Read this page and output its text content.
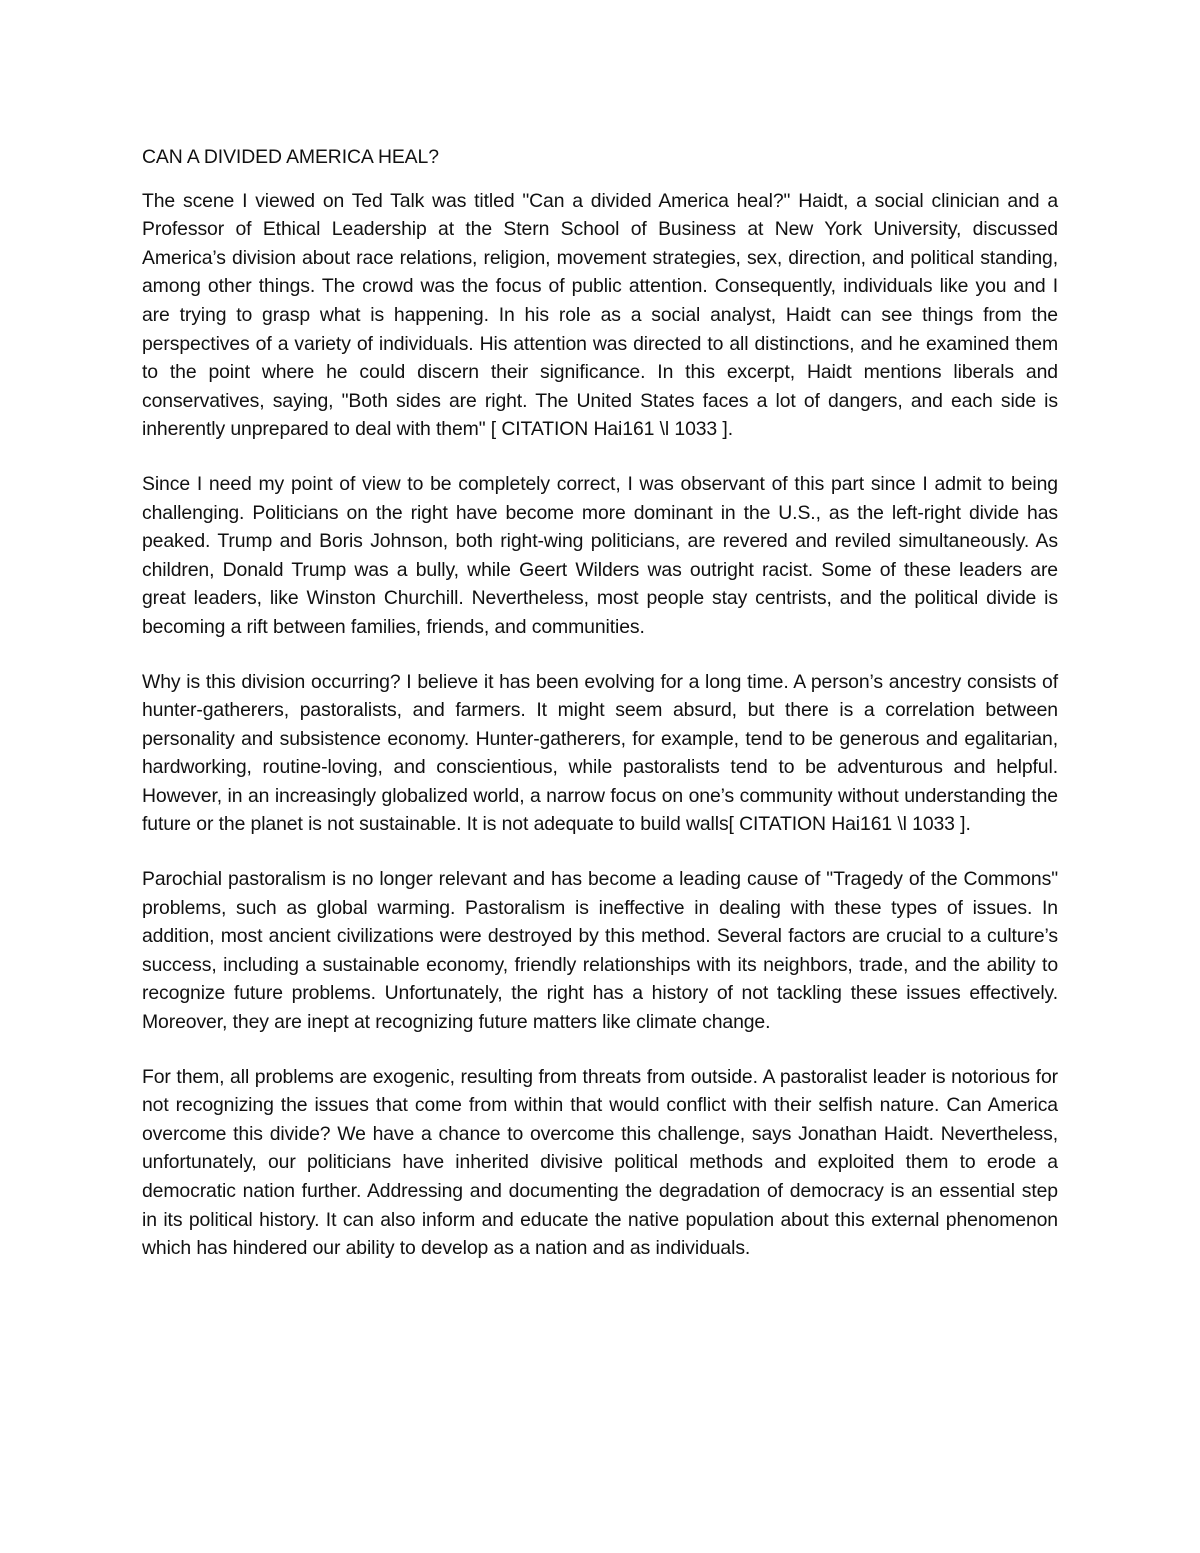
CAN A DIVIDED AMERICA HEAL?

The scene I viewed on Ted Talk was titled "Can a divided America heal?" Haidt, a social clinician and a Professor of Ethical Leadership at the Stern School of Business at New York University, discussed America’s division about race relations, religion, movement strategies, sex, direction, and political standing, among other things. The crowd was the focus of public attention. Consequently, individuals like you and I are trying to grasp what is happening. In his role as a social analyst, Haidt can see things from the perspectives of a variety of individuals. His attention was directed to all distinctions, and he examined them to the point where he could discern their significance. In this excerpt, Haidt mentions liberals and conservatives, saying, "Both sides are right. The United States faces a lot of dangers, and each side is inherently unprepared to deal with them" [ CITATION Hai161 \l 1033 ].

Since I need my point of view to be completely correct, I was observant of this part since I admit to being challenging. Politicians on the right have become more dominant in the U.S., as the left-right divide has peaked. Trump and Boris Johnson, both right-wing politicians, are revered and reviled simultaneously. As children, Donald Trump was a bully, while Geert Wilders was outright racist. Some of these leaders are great leaders, like Winston Churchill. Nevertheless, most people stay centrists, and the political divide is becoming a rift between families, friends, and communities.

Why is this division occurring? I believe it has been evolving for a long time. A person’s ancestry consists of hunter-gatherers, pastoralists, and farmers. It might seem absurd, but there is a correlation between personality and subsistence economy. Hunter-gatherers, for example, tend to be generous and egalitarian, hardworking, routine-loving, and conscientious, while pastoralists tend to be adventurous and helpful. However, in an increasingly globalized world, a narrow focus on one’s community without understanding the future or the planet is not sustainable. It is not adequate to build walls[ CITATION Hai161 \l 1033 ].

Parochial pastoralism is no longer relevant and has become a leading cause of "Tragedy of the Commons" problems, such as global warming. Pastoralism is ineffective in dealing with these types of issues. In addition, most ancient civilizations were destroyed by this method. Several factors are crucial to a culture’s success, including a sustainable economy, friendly relationships with its neighbors, trade, and the ability to recognize future problems. Unfortunately, the right has a history of not tackling these issues effectively. Moreover, they are inept at recognizing future matters like climate change.

For them, all problems are exogenic, resulting from threats from outside. A pastoralist leader is notorious for not recognizing the issues that come from within that would conflict with their selfish nature. Can America overcome this divide? We have a chance to overcome this challenge, says Jonathan Haidt. Nevertheless, unfortunately, our politicians have inherited divisive political methods and exploited them to erode a democratic nation further. Addressing and documenting the degradation of democracy is an essential step in its political history. It can also inform and educate the native population about this external phenomenon which has hindered our ability to develop as a nation and as individuals.
